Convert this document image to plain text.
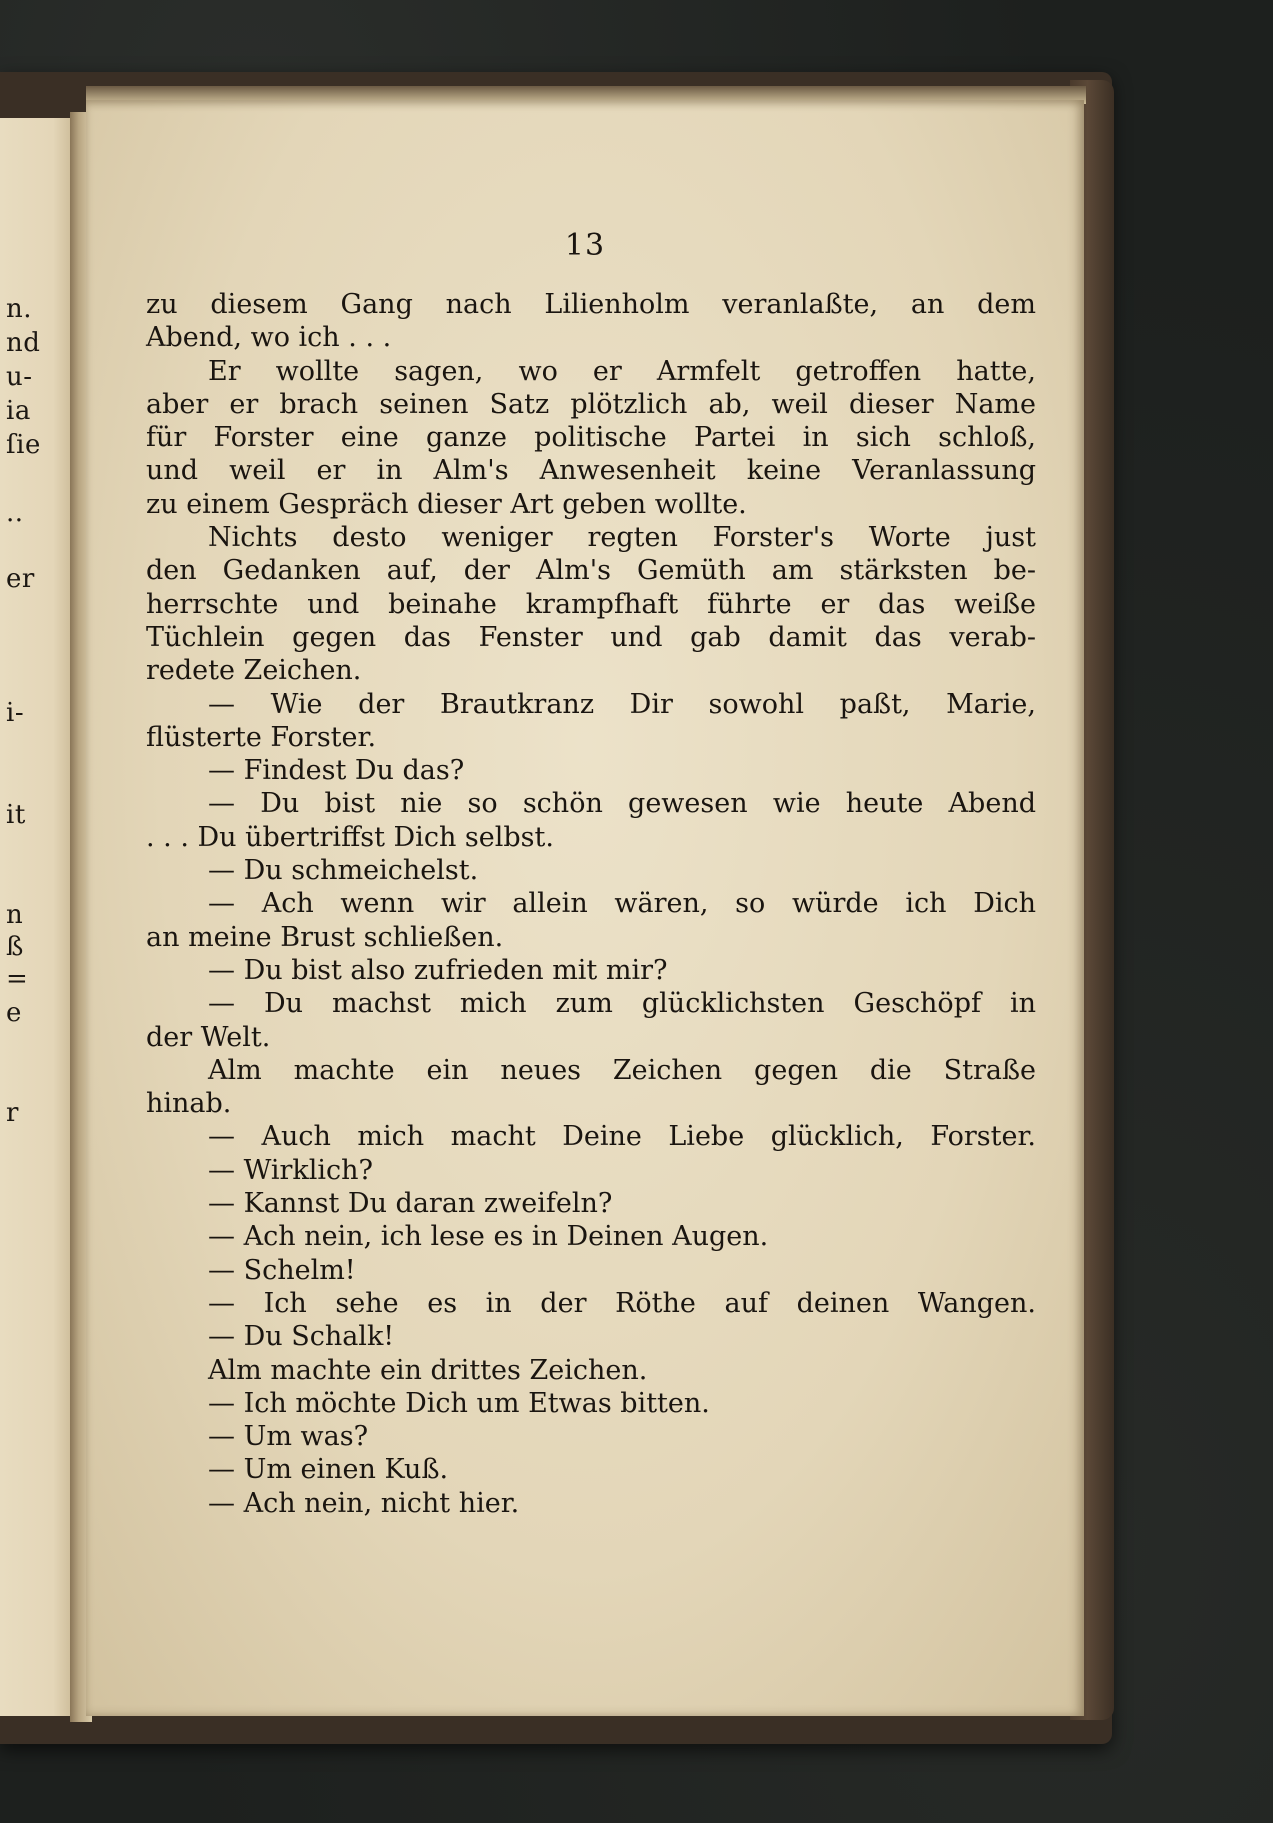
n.
nd
u-
ia
ſie
..
er
i-
it
n
ß
=
e
r
13
zu diesem Gang nach Lilienholm veranlaßte, an dem
Abend, wo ich . . .
Er wollte sagen, wo er Armfelt getroffen hatte,
aber er brach seinen Satz plötzlich ab, weil dieser Name
für Forster eine ganze politische Partei in sich schloß,
und weil er in Alm's Anwesenheit keine Veranlassung
zu einem Gespräch dieser Art geben wollte.
Nichts desto weniger regten Forster's Worte just
den Gedanken auf, der Alm's Gemüth am stärksten be-
herrschte und beinahe krampfhaft führte er das weiße
Tüchlein gegen das Fenster und gab damit das verab-
redete Zeichen.
— Wie der Brautkranz Dir sowohl paßt, Marie,
flüsterte Forster.
— Findest Du das?
— Du bist nie so schön gewesen wie heute Abend
. . . Du übertriffst Dich selbst.
— Du schmeichelst.
— Ach wenn wir allein wären, so würde ich Dich
an meine Brust schließen.
— Du bist also zufrieden mit mir?
— Du machst mich zum glücklichsten Geschöpf in
der Welt.
Alm machte ein neues Zeichen gegen die Straße
hinab.
— Auch mich macht Deine Liebe glücklich, Forster.
— Wirklich?
— Kannst Du daran zweifeln?
— Ach nein, ich lese es in Deinen Augen.
— Schelm!
— Ich sehe es in der Röthe auf deinen Wangen.
— Du Schalk!
Alm machte ein drittes Zeichen.
— Ich möchte Dich um Etwas bitten.
— Um was?
— Um einen Kuß.
— Ach nein, nicht hier.
